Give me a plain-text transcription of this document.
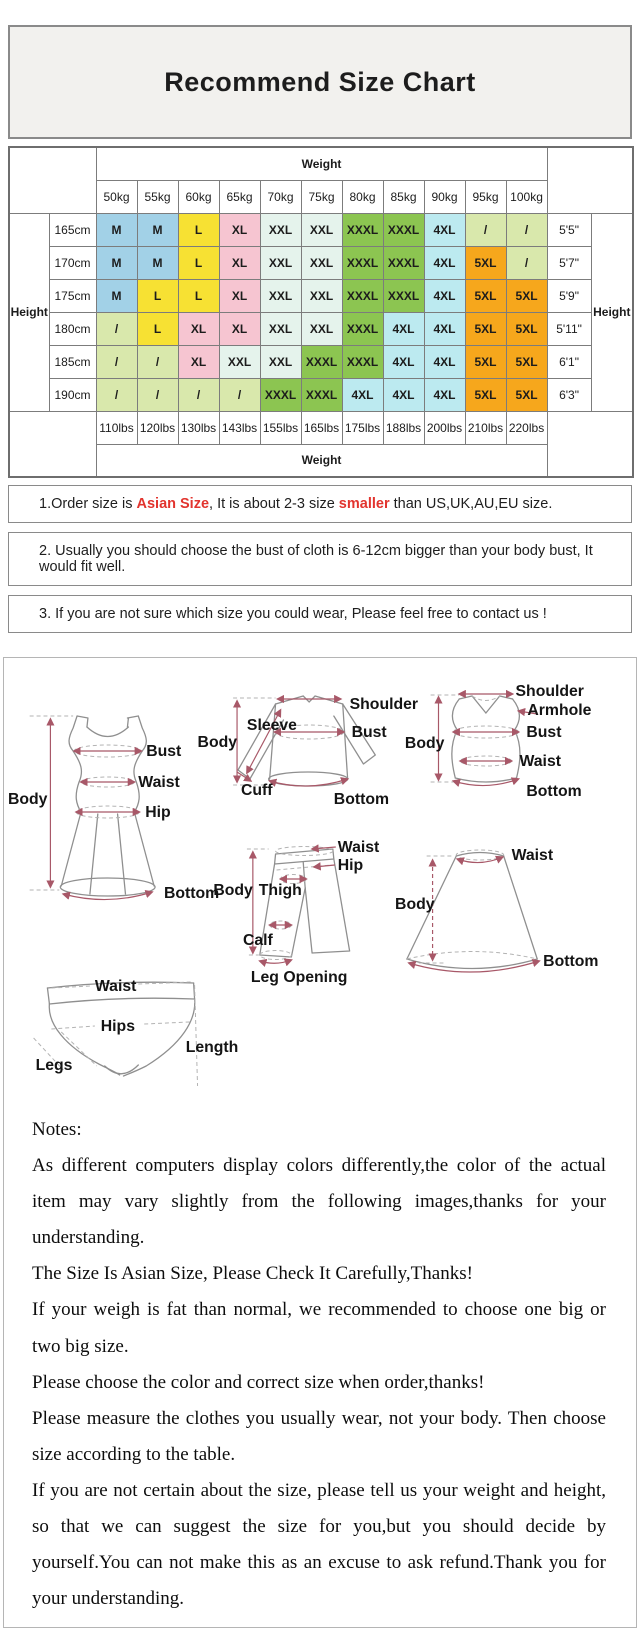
Recommend Size Chart
		Weight												
		50kg	55kg	60kg	65kg	70kg	75kg	80kg	85kg	90kg	95kg	100kg		
Height	165cm	M	M	L	XL	XXL	XXL	XXXL	XXXL	4XL	/	/	5'5"	Height
	170cm	M	M	L	XL	XXL	XXL	XXXL	XXXL	4XL	5XL	/	5'7"	
	175cm	M	L	L	XL	XXL	XXL	XXXL	XXXL	4XL	5XL	5XL	5'9"	
	180cm	/	L	XL	XL	XXL	XXL	XXXL	4XL	4XL	5XL	5XL	5'11"	
	185cm	/	/	XL	XXL	XXL	XXXL	XXXL	4XL	4XL	5XL	5XL	6'1"	
	190cm	/	/	/	/	XXXL	XXXL	4XL	4XL	4XL	5XL	5XL	6'3"	
		110lbs	120lbs	130lbs	143lbs	155lbs	165lbs	175lbs	188lbs	200lbs	210lbs	220lbs		
		Weight												
1.Order size is Asian Size, It is about 2-3 size smaller than US,UK,AU,EU size.
2. Usually you should choose the bust of cloth is 6-12cm bigger than your body bust, It would fit well.
3. If you are not sure which size you could wear, Please feel free to contact us !
Bust
Waist
Hip
Body
Bottom
Shoulder
Sleeve
Body
Bust
Cuff
Bottom
Shoulder
Armhole
Bust
Body
Waist
Bottom
Waist
Hip
Body Thigh
Calf
Leg Opening
Waist
Hips
Legs
Length
Waist
Body
Bottom

Notes:

As different computers display colors differently,the color of the actual item may vary slightly from the following images,thanks for your understanding.

The Size Is Asian Size, Please Check It Carefully,Thanks!

If your weigh is fat than normal, we recommended to choose one big or two big size.

Please choose the color and correct size when order,thanks!

Please measure the clothes you usually wear, not your body. Then choose size according to the table.

If you are not certain about the size, please tell us your weight and height, so that we can suggest the size for you,but you should decide by yourself.You can not make this as an excuse to ask refund.Thank you for your understanding.
